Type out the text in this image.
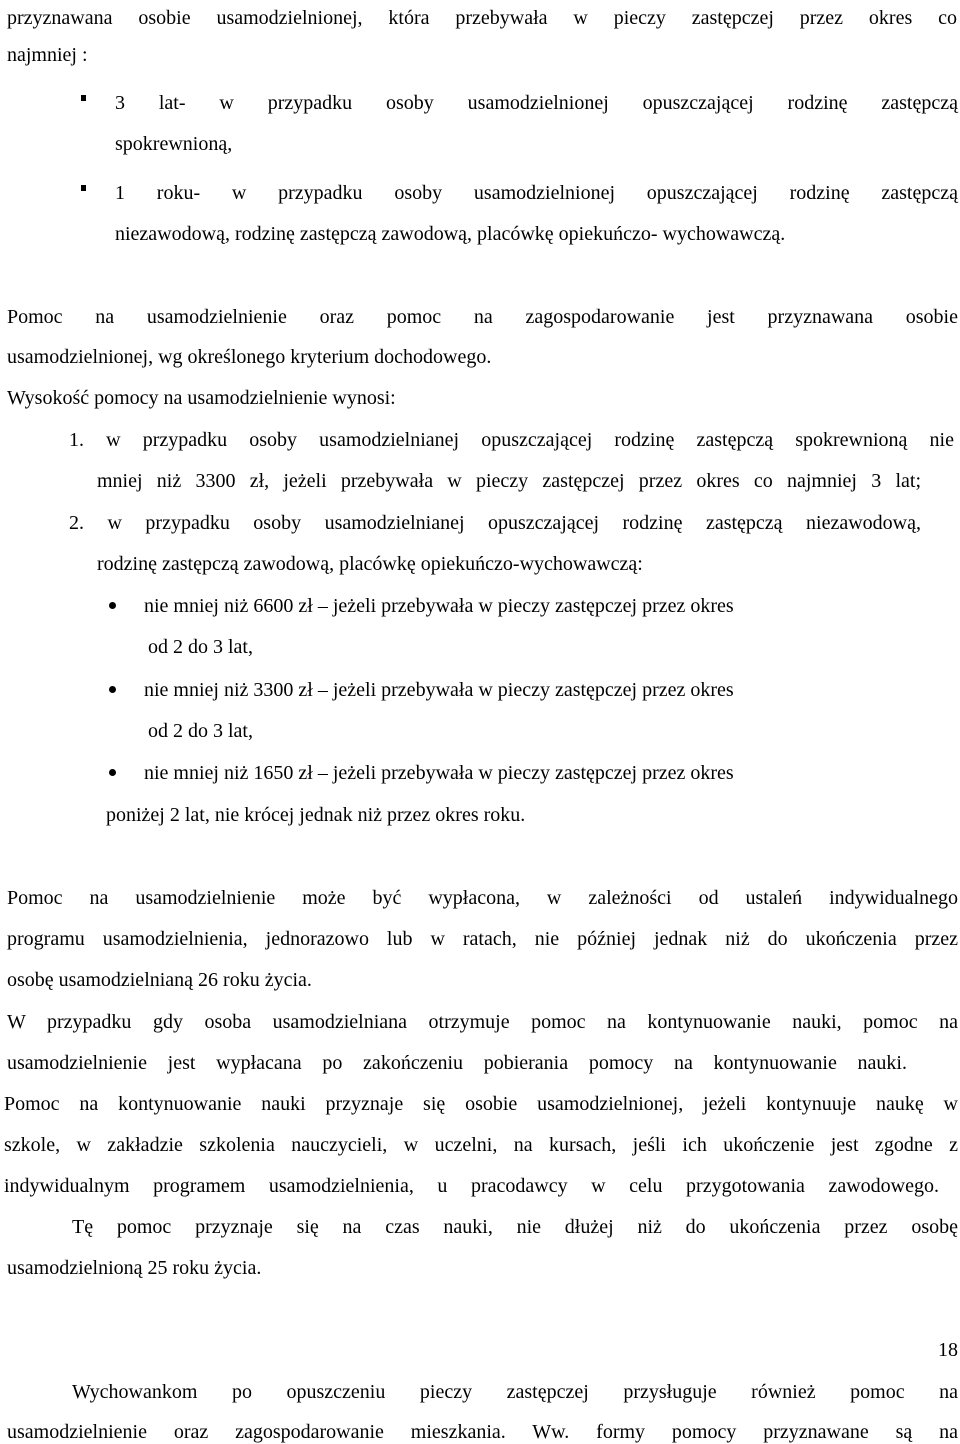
przyznawana osobie usamodzielnionej, która przebywała w pieczy zastępczej przez okres co
najmniej :
3 lat- w przypadku osoby usamodzielnionej opuszczającej rodzinę zastępczą
spokrewnioną,
1 roku- w przypadku osoby usamodzielnionej opuszczającej rodzinę zastępczą
niezawodową, rodzinę zastępczą zawodową, placówkę opiekuńczo- wychowawczą.
Pomoc na usamodzielnienie oraz pomoc na zagospodarowanie jest przyznawana osobie
usamodzielnionej, wg określonego kryterium dochodowego.
Wysokość pomocy na usamodzielnienie wynosi:
1. w przypadku osoby usamodzielnianej opuszczającej rodzinę zastępczą spokrewnioną nie
mniej niż 3300 zł, jeżeli przebywała w pieczy zastępczej przez okres co najmniej 3 lat;
2. w przypadku osoby usamodzielnianej opuszczającej rodzinę zastępczą niezawodową,
rodzinę zastępczą zawodową, placówkę opiekuńczo-wychowawczą:
nie mniej niż 6600 zł – jeżeli przebywała w pieczy zastępczej przez okres
od 2 do 3 lat,
nie mniej niż 3300 zł – jeżeli przebywała w pieczy zastępczej przez okres
od 2 do 3 lat,
nie mniej niż 1650 zł – jeżeli przebywała w pieczy zastępczej przez okres
poniżej 2 lat, nie krócej jednak niż przez okres roku.
Pomoc na usamodzielnienie może być wypłacona, w zależności od ustaleń indywidualnego
programu usamodzielnienia, jednorazowo lub w ratach, nie później jednak niż do ukończenia przez
osobę usamodzielnianą 26 roku życia.
W przypadku gdy osoba usamodzielniana otrzymuje pomoc na kontynuowanie nauki, pomoc na
usamodzielnienie jest wypłacana po zakończeniu pobierania pomocy na kontynuowanie nauki.
Pomoc na kontynuowanie nauki przyznaje się osobie usamodzielnionej, jeżeli kontynuuje naukę w
szkole, w zakładzie szkolenia nauczycieli, w uczelni, na kursach, jeśli ich ukończenie jest zgodne z
indywidualnym programem usamodzielnienia, u pracodawcy w celu przygotowania zawodowego.
Tę pomoc przyznaje się na czas nauki, nie dłużej niż do ukończenia przez osobę
usamodzielnioną 25 roku życia.
18
Wychowankom po opuszczeniu pieczy zastępczej przysługuje również pomoc na
usamodzielnienie oraz zagospodarowanie mieszkania. Ww. formy pomocy przyznawane są na
